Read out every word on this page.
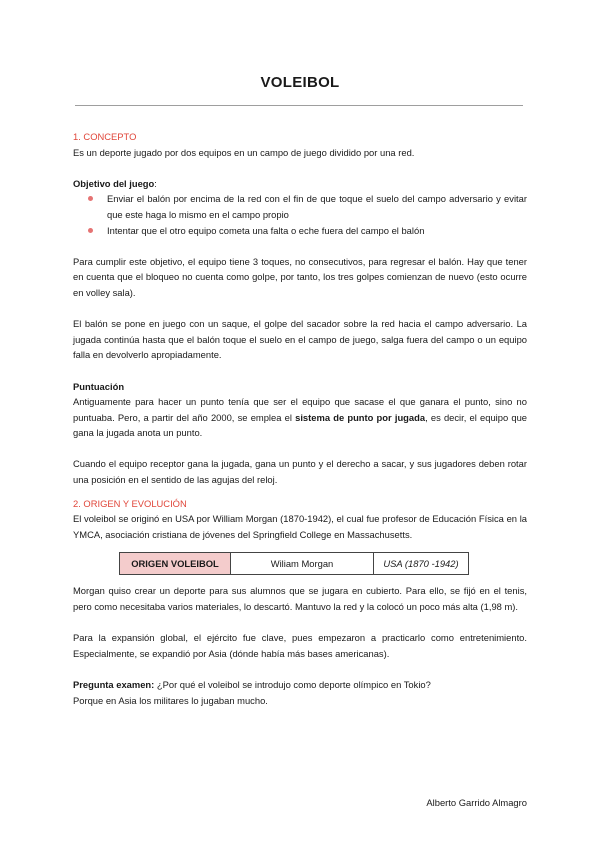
VOLEIBOL

1. CONCEPTO

Es un deporte jugado por dos equipos en un campo de juego dividido por una red.

Objetivo del juego:

Enviar el balón por encima de la red con el fin de que toque el suelo del campo adversario y evitar que este haga lo mismo en el campo propio
Intentar que el otro equipo cometa una falta o eche fuera del campo el balón

Para cumplir este objetivo, el equipo tiene 3 toques, no consecutivos, para regresar el balón. Hay que tener en cuenta que el bloqueo no cuenta como golpe, por tanto, los tres golpes comienzan de nuevo (esto ocurre en volley sala).

El balón se pone en juego con un saque, el golpe del sacador sobre la red hacia el campo adversario. La jugada continúa hasta que el balón toque el suelo en el campo de juego, salga fuera del campo o un equipo falla en devolverlo apropiadamente.

Puntuación

Antiguamente para hacer un punto tenía que ser el equipo que sacase el que ganara el punto, sino no puntuaba. Pero, a partir del año 2000, se emplea el sistema de punto por jugada, es decir, el equipo que gana la jugada anota un punto.

Cuando el equipo receptor gana la jugada, gana un punto y el derecho a sacar, y sus jugadores deben rotar una posición en el sentido de las agujas del reloj.

2. ORIGEN Y EVOLUCIÓN

El voleibol se originó en USA por William Morgan (1870-1942), el cual fue profesor de Educación Física en la YMCA, asociación cristiana de jóvenes del Springfield College en Massachusetts.

ORIGEN VOLEIBOL	Wiliam Morgan	USA (1870 -1942)

Morgan quiso crear un deporte para sus alumnos que se jugara en cubierto. Para ello, se fijó en el tenis, pero como necesitaba varios materiales, lo descartó. Mantuvo la red y la colocó un poco más alta (1,98 m).

Para la expansión global, el ejército fue clave, pues empezaron a practicarlo como entretenimiento. Especialmente, se expandió por Asia (dónde había más bases americanas).

Pregunta examen: ¿Por qué el voleibol se introdujo como deporte olímpico en Tokio?

Porque en Asia los militares lo jugaban mucho.

Alberto Garrido Almagro
